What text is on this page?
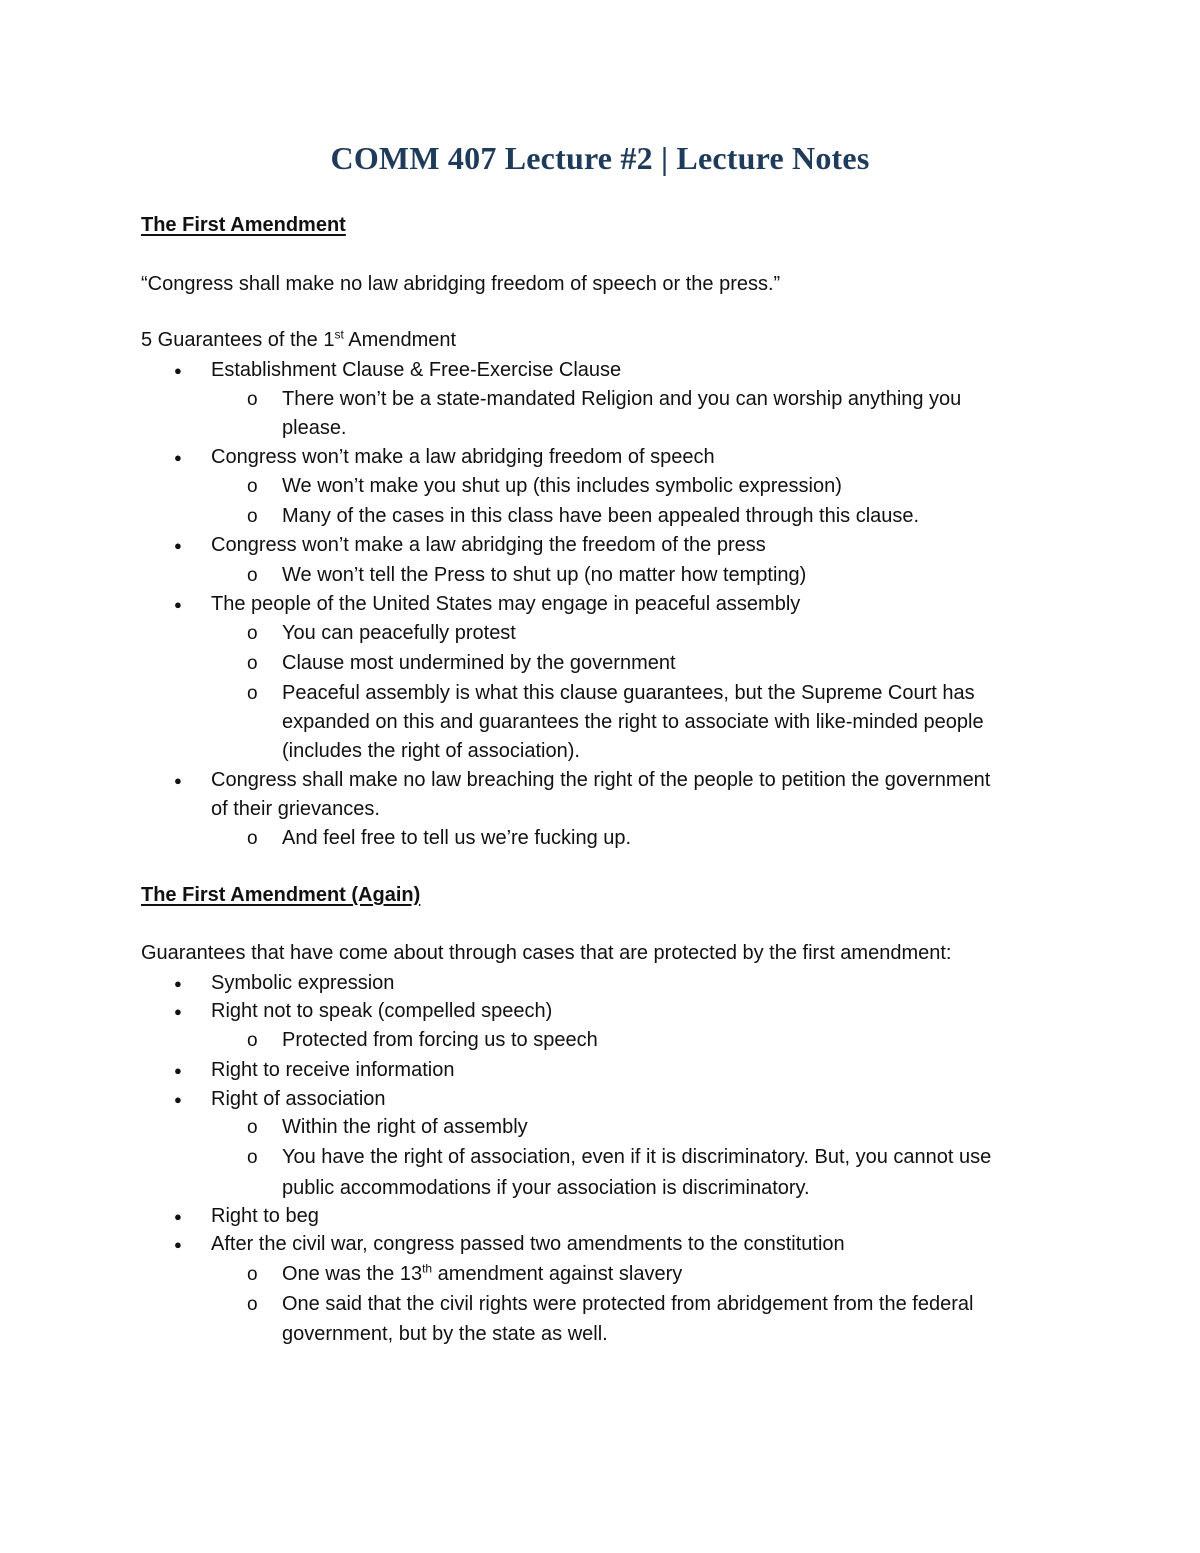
COMM 407 Lecture #2 | Lecture Notes
The First Amendment
“Congress shall make no law abridging freedom of speech or the press.”
5 Guarantees of the 1st Amendment
● Establishment Clause & Free-Exercise Clause
o There won’t be a state-mandated Religion and you can worship anything you
please.
● Congress won’t make a law abridging freedom of speech
o We won’t make you shut up (this includes symbolic expression)
o Many of the cases in this class have been appealed through this clause.
● Congress won’t make a law abridging the freedom of the press
o We won’t tell the Press to shut up (no matter how tempting)
● The people of the United States may engage in peaceful assembly
o You can peacefully protest
o Clause most undermined by the government
o Peaceful assembly is what this clause guarantees, but the Supreme Court has
expanded on this and guarantees the right to associate with like-minded people
(includes the right of association).
● Congress shall make no law breaching the right of the people to petition the government
of their grievances.
o And feel free to tell us we’re fucking up.
The First Amendment (Again)
Guarantees that have come about through cases that are protected by the first amendment:
● Symbolic expression
● Right not to speak (compelled speech)
o Protected from forcing us to speech
● Right to receive information
● Right of association
o Within the right of assembly
o You have the right of association, even if it is discriminatory. But, you cannot use
public accommodations if your association is discriminatory.
● Right to beg
● After the civil war, congress passed two amendments to the constitution
o One was the 13th amendment against slavery
o One said that the civil rights were protected from abridgement from the federal
government, but by the state as well.
